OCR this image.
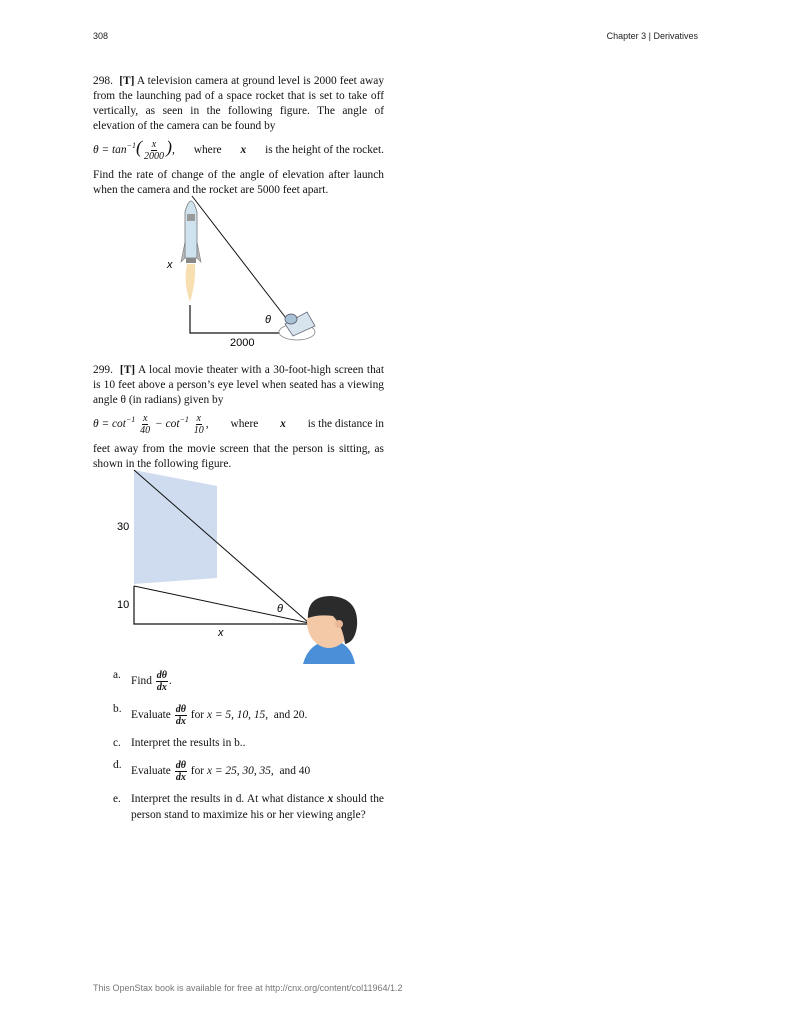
308	Chapter 3 | Derivatives

298. [T] A television camera at ground level is 2000 feet away from the launching pad of a space rocket that is set to take off vertically, as seen in the following figure. The angle of elevation of the camera can be found by

$\theta = \tan^{-1}( \frac{x}{2000}$ ), where x is the height of the rocket.

Find the rate of change of the angle of elevation after launch when the camera and the rocket are 5000 feet apart.

x
θ
2000

299. [T] A local movie theater with a 30-foot-high screen that is 10 feet above a person’s eye level when seated has a viewing angle θ (in radians) given by

$\theta = \cot^{-1} \frac{x}{40} - \cot^{-1} \frac{x}{10}$ , where x is the distance in

feet away from the movie screen that the person is sitting, as shown in the following figure.

30
10
x
θ
a. Find
$\frac{d\theta}{dx}$ .
b. Evaluate
$\frac{d\theta}{dx}$
for
x = 5, 10, 15,
and 20.
c. Interpret the results in b..
d. Evaluate
$\frac{d\theta}{dx}$
for
x = 25, 30, 35,
and 40
e. Interpret the results in d. At what distance x should the person stand to maximize his or her viewing angle?
This OpenStax book is available for free at http://cnx.org/content/col11964/1.2
